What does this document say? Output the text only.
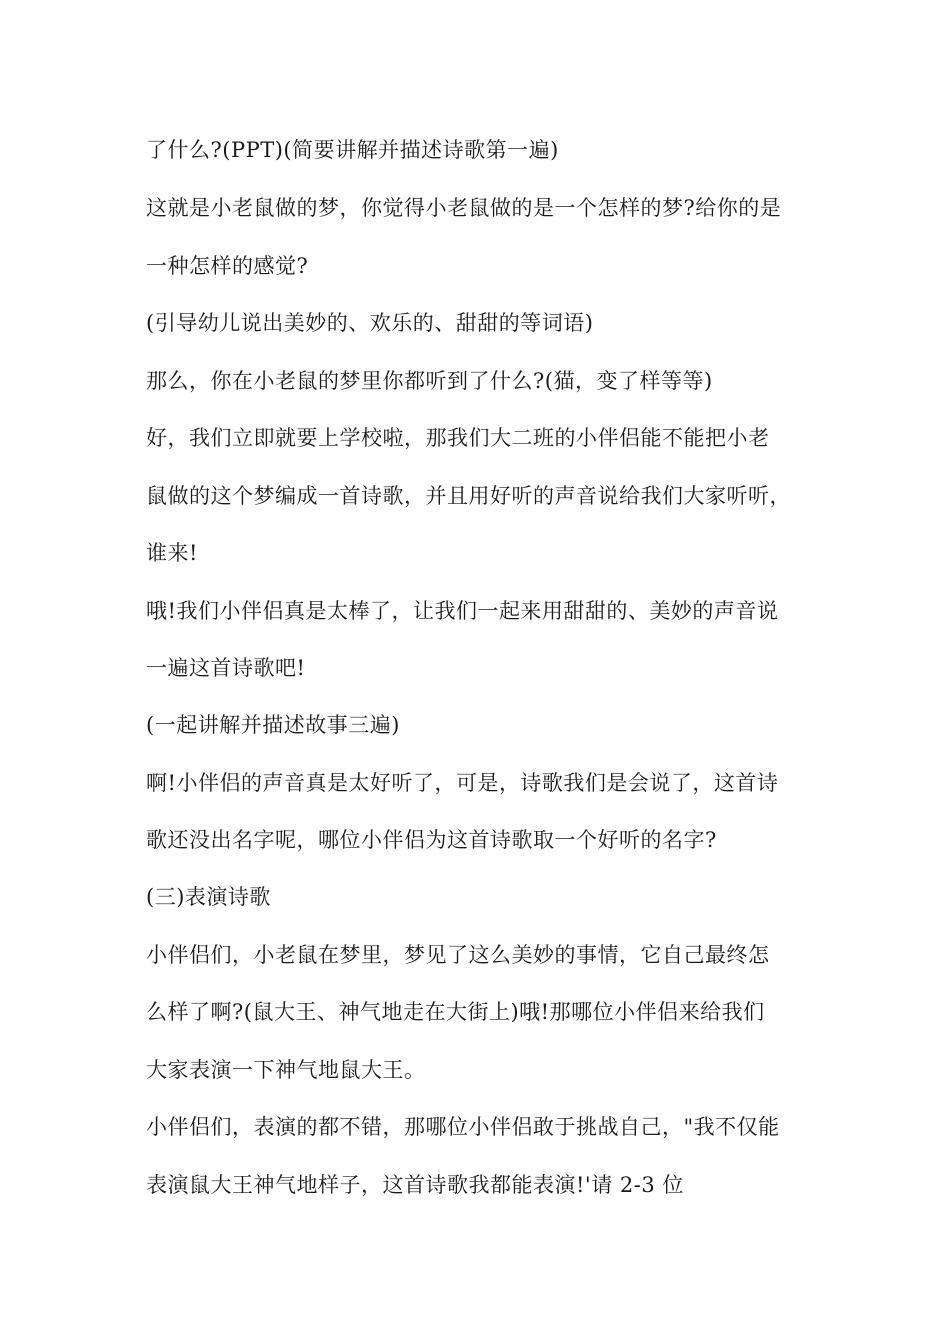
了什么?(PPT)(简要讲解并描述诗歌第一遍)
这就是小老鼠做的梦，你觉得小老鼠做的是一个怎样的梦?给你的是
一种怎样的感觉?
(引导幼儿说出美妙的、欢乐的、甜甜的等词语)
那么，你在小老鼠的梦里你都听到了什么?(猫，变了样等等)
好，我们立即就要上学校啦，那我们大二班的小伴侣能不能把小老
鼠做的这个梦编成一首诗歌，并且用好听的声音说给我们大家听听，
谁来!
哦!我们小伴侣真是太棒了，让我们一起来用甜甜的、美妙的声音说
一遍这首诗歌吧!
(一起讲解并描述故事三遍)
啊!小伴侣的声音真是太好听了，可是，诗歌我们是会说了，这首诗
歌还没出名字呢，哪位小伴侣为这首诗歌取一个好听的名字?
(三)表演诗歌
小伴侣们，小老鼠在梦里，梦见了这么美妙的事情，它自己最终怎
么样了啊?(鼠大王、神气地走在大街上)哦!那哪位小伴侣来给我们
大家表演一下神气地鼠大王。
小伴侣们，表演的都不错，那哪位小伴侣敢于挑战自己，"我不仅能
表演鼠大王神气地样子，这首诗歌我都能表演!'请 2-3 位
